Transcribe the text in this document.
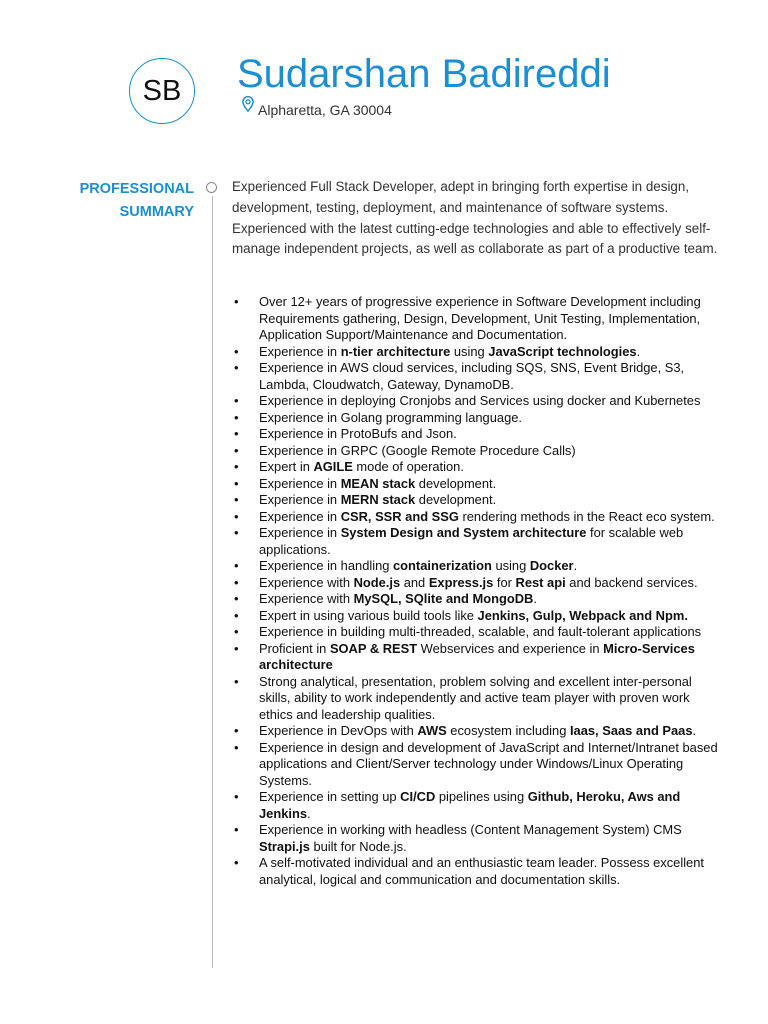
SB Sudarshan Badireddi
Alpharetta, GA 30004
PROFESSIONAL
SUMMARY
Experienced Full Stack Developer, adept in bringing forth expertise in design, development, testing, deployment, and maintenance of software systems. Experienced with the latest cutting-edge technologies and able to effectively self-manage independent projects, as well as collaborate as part of a productive team.
• Over 12+ years of progressive experience in Software Development including Requirements gathering, Design, Development, Unit Testing, Implementation, Application Support/Maintenance and Documentation.
• Experience in n-tier architecture using JavaScript technologies.
• Experience in AWS cloud services, including SQS, SNS, Event Bridge, S3, Lambda, Cloudwatch, Gateway, DynamoDB.
• Experience in deploying Cronjobs and Services using docker and Kubernetes
• Experience in Golang programming language.
• Experience in ProtoBufs and Json.
• Experience in GRPC (Google Remote Procedure Calls)
• Expert in AGILE mode of operation.
• Experience in MEAN stack development.
• Experience in MERN stack development.
• Experience in CSR, SSR and SSG rendering methods in the React eco system.
• Experience in System Design and System architecture for scalable web applications.
• Experience in handling containerization using Docker.
• Experience with Node.js and Express.js for Rest api and backend services.
• Experience with MySQL, SQlite and MongoDB.
• Expert in using various build tools like Jenkins, Gulp, Webpack and Npm.
• Experience in building multi-threaded, scalable, and fault-tolerant applications
• Proficient in SOAP & REST Webservices and experience in Micro-Services architecture
• Strong analytical, presentation, problem solving and excellent inter-personal skills, ability to work independently and active team player with proven work ethics and leadership qualities.
• Experience in DevOps with AWS ecosystem including Iaas, Saas and Paas.
• Experience in design and development of JavaScript and Internet/Intranet based applications and Client/Server technology under Windows/Linux Operating Systems.
• Experience in setting up CI/CD pipelines using Github, Heroku, Aws and Jenkins.
• Experience in working with headless (Content Management System) CMS Strapi.js built for Node.js.
• A self-motivated individual and an enthusiastic team leader. Possess excellent analytical, logical and communication and documentation skills.
